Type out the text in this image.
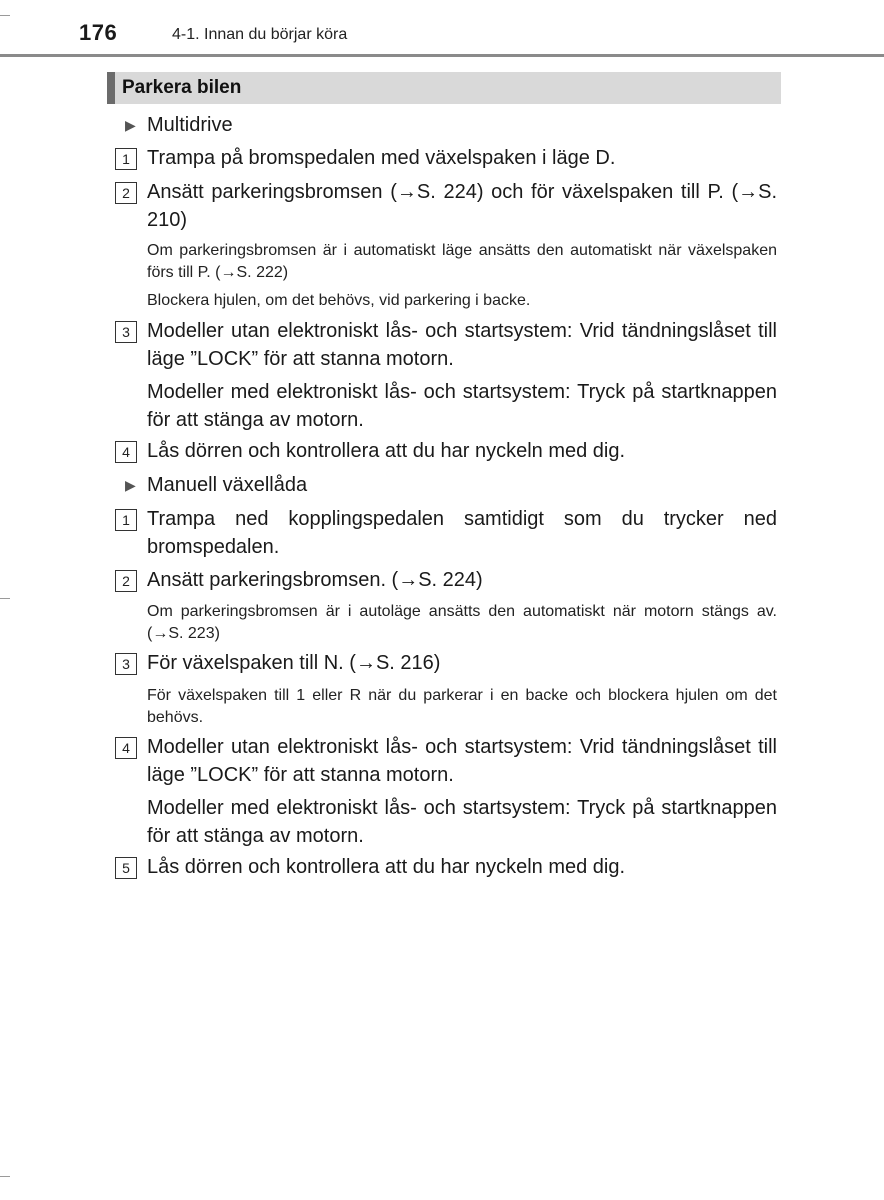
176	4-1. Innan du börjar köra
Parkera bilen
▶ Multidrive
1 Trampa på bromspedalen med växelspaken i läge D.
2 Ansätt parkeringsbromsen (→S. 224) och för växelspaken till P. (→S. 210)
Om parkeringsbromsen är i automatiskt läge ansätts den automatiskt när växelspaken förs till P. (→S. 222)
Blockera hjulen, om det behövs, vid parkering i backe.
3 Modeller utan elektroniskt lås- och startsystem: Vrid tändningslåset till läge ”LOCK” för att stanna motorn.
Modeller med elektroniskt lås- och startsystem: Tryck på startknappen för att stänga av motorn.
4 Lås dörren och kontrollera att du har nyckeln med dig.
▶ Manuell växellåda
1 Trampa ned kopplingspedalen samtidigt som du trycker ned bromspedalen.
2 Ansätt parkeringsbromsen. (→S. 224)
Om parkeringsbromsen är i autoläge ansätts den automatiskt när motorn stängs av. (→S. 223)
3 För växelspaken till N. (→S. 216)
För växelspaken till 1 eller R när du parkerar i en backe och blockera hjulen om det behövs.
4 Modeller utan elektroniskt lås- och startsystem: Vrid tändningslåset till läge ”LOCK” för att stanna motorn.
Modeller med elektroniskt lås- och startsystem: Tryck på startknappen för att stänga av motorn.
5 Lås dörren och kontrollera att du har nyckeln med dig.
